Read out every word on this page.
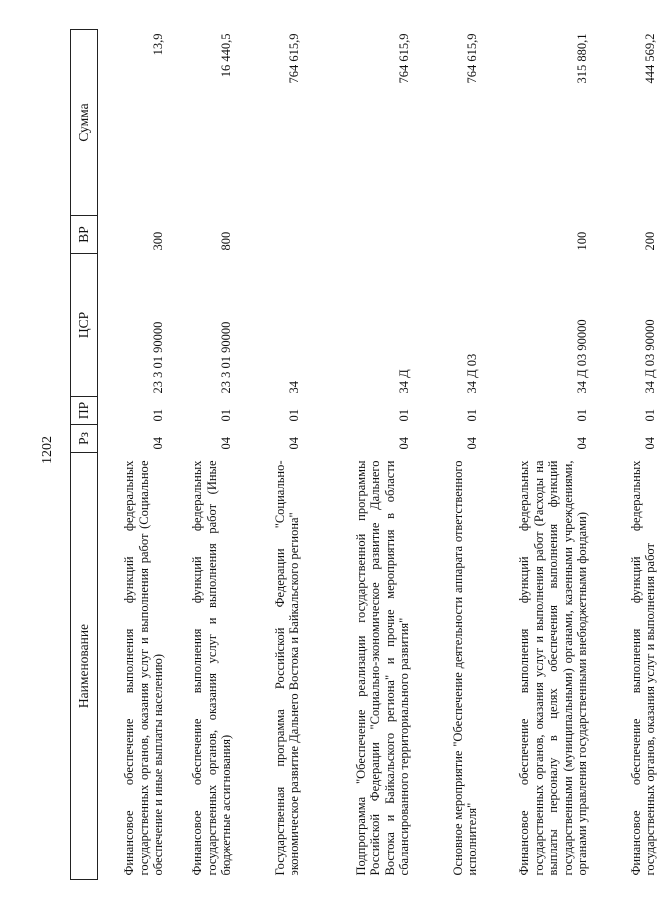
1202
Наименование	Рз	ПР	ЦСР	ВР	Сумма
Финансовое обеспечение выполнения функций федеральных государственных органов, оказания услуг и выполнения работ (Социальное обеспечение и иные выплаты населению)	04	01	23 3 01 90000	300	13,9
Финансовое обеспечение выполнения функций федеральных государственных органов, оказания услуг и выполнения работ (Иные бюджетные ассигнования)	04	01	23 3 01 90000	800	16 440,5
Государственная программа Российской Федерации "Социально-экономическое развитие Дальнего Востока и Байкальского региона"	04	01	34		764 615,9
Подпрограмма "Обеспечение реализации государственной программы Российской Федерации "Социально-экономическое развитие Дальнего Востока и Байкальского региона" и прочие мероприятия в области сбалансированного территориального развития"	04	01	34 Д		764 615,9
Основное мероприятие "Обеспечение деятельности аппарата ответственного исполнителя"	04	01	34 Д 03		764 615,9
Финансовое обеспечение выполнения функций федеральных государственных органов, оказания услуг и выполнения работ (Расходы на выплаты персоналу в целях обеспечения выполнения функций государственными (муниципальными) органами, казенными учреждениями, органами управления государственными внебюджетными фондами)	04	01	34 Д 03 90000	100	315 880,1
Финансовое обеспечение выполнения функций федеральных государственных органов, оказания услуг и выполнения работ	04	01	34 Д 03 90000	200	444 569,2
